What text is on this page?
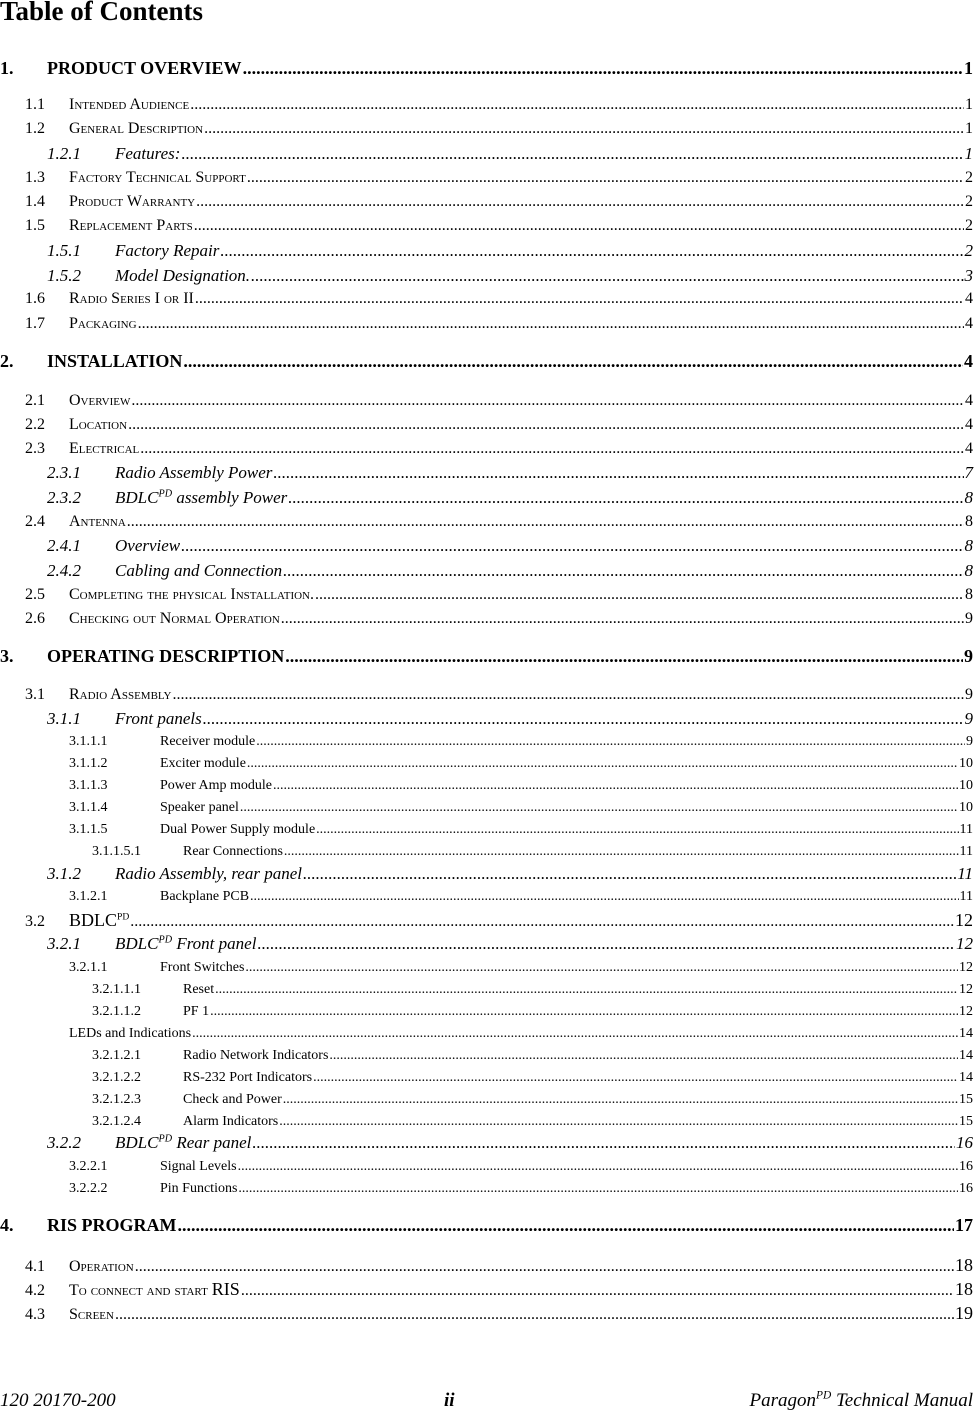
Table of Contents
1.	PRODUCT OVERVIEW .....	1
1.1	Intended Audience .....	1
1.2	General Description .....	1
1.2.1	Features: .....	1
1.3	Factory Technical Support .....	2
1.4	Product Warranty .....	2
1.5	Replacement Parts .....	2
1.5.1	Factory Repair .....	2
1.5.2	Model Designation. .....	3
1.6	Radio Series I or II .....	4
1.7	Packaging .....	4
2.	INSTALLATION .....	4
2.1	Overview .....	4
2.2	Location .....	4
2.3	Electrical .....	4
2.3.1	Radio Assembly Power .....	7
2.3.2	$BDLC^{PD}$ assembly Power .....	8
2.4	Antenna .....	8
2.4.1	Overview .....	8
2.4.2	Cabling and Connection .....	8
2.5	Completing the physical Installation. .....	8
2.6	Checking out Normal Operation .....	9
3.	OPERATING DESCRIPTION .....	9
3.1	Radio Assembly .....	9
3.1.1	Front panels .....	9
3.1.1.1	Receiver module .....	9
3.1.1.2	Exciter module .....	10
3.1.1.3	Power Amp module .....	10
3.1.1.4	Speaker panel .....	10
3.1.1.5	Dual Power Supply module .....	11
3.1.1.5.1	Rear Connections .....	11
3.1.2	Radio Assembly, rear panel .....	11
3.1.2.1	Backplane PCB .....	11
3.2	$BDLC^{PD}$ .....	12
3.2.1	$BDLC^{PD}$ Front panel .....	12
3.2.1.1	Front Switches .....	12
3.2.1.1.1	Reset .....	12
3.2.1.1.2	PF 1 .....	12
LEDs and Indications .....	14
3.2.1.2.1	Radio Network Indicators .....	14
3.2.1.2.2	RS-232 Port Indicators .....	14
3.2.1.2.3	Check and Power .....	15
3.2.1.2.4	Alarm Indicators .....	15
3.2.2	$BDLC^{PD}$ Rear panel .....	16
3.2.2.1	Signal Levels .....	16
3.2.2.2	Pin Functions .....	16
4.	RIS PROGRAM .....	17
4.1	Operation .....	18
4.2	To connect and start RIS .....	18
4.3	Screen .....	19
120 20170-200	ii	Paragon$^{PD}$ Technical Manual
